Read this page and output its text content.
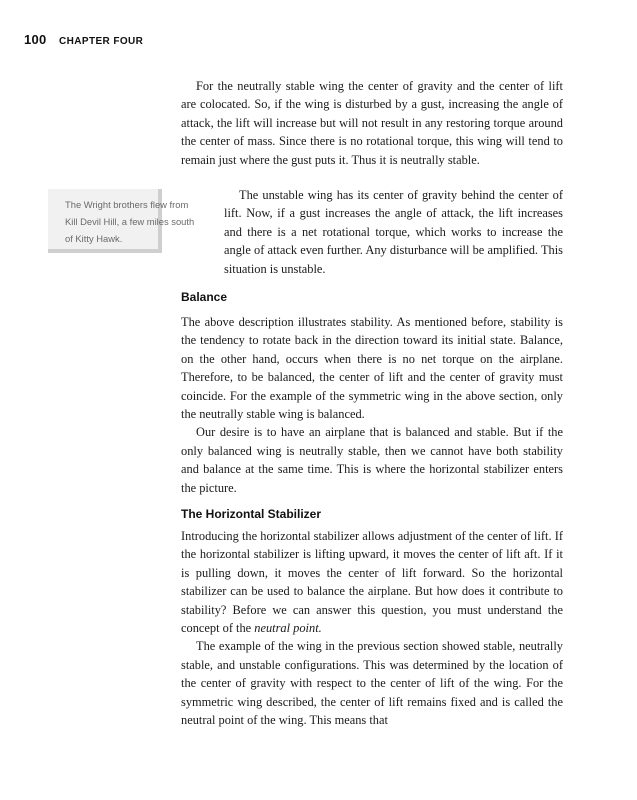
100 CHAPTER FOUR

For the neutrally stable wing the center of gravity and the center of lift are colocated. So, if the wing is disturbed by a gust, increasing the angle of attack, the lift will increase but will not result in any restoring torque around the center of mass. Since there is no rotational torque, this wing will tend to remain just where the gust puts it. Thus it is neutrally stable.

The Wright brothers flew from
Kill Devil Hill, a few miles south
of Kitty Hawk.

The unstable wing has its center of gravity behind the center of lift. Now, if a gust increases the angle of attack, the lift increases and there is a net rotational torque, which works to increase the angle of attack even further. Any disturbance will be amplified. This situation is unstable.

Balance

The above description illustrates stability. As mentioned before, stability is the tendency to rotate back in the direction toward its initial state. Balance, on the other hand, occurs when there is no net torque on the airplane. Therefore, to be balanced, the center of lift and the center of gravity must coincide. For the example of the symmetric wing in the above section, only the neutrally stable wing is balanced.

Our desire is to have an airplane that is balanced and stable. But if the only balanced wing is neutrally stable, then we cannot have both stability and balance at the same time. This is where the horizontal stabilizer enters the picture.

The Horizontal Stabilizer

Introducing the horizontal stabilizer allows adjustment of the center of lift. If the horizontal stabilizer is lifting upward, it moves the center of lift aft. If it is pulling down, it moves the center of lift forward. So the horizontal stabilizer can be used to balance the airplane. But how does it contribute to stability? Before we can answer this question, you must understand the concept of the neutral point.

The example of the wing in the previous section showed stable, neutrally stable, and unstable configurations. This was determined by the location of the center of gravity with respect to the center of lift of the wing. For the symmetric wing described, the center of lift remains fixed and is called the neutral point of the wing. This means that
